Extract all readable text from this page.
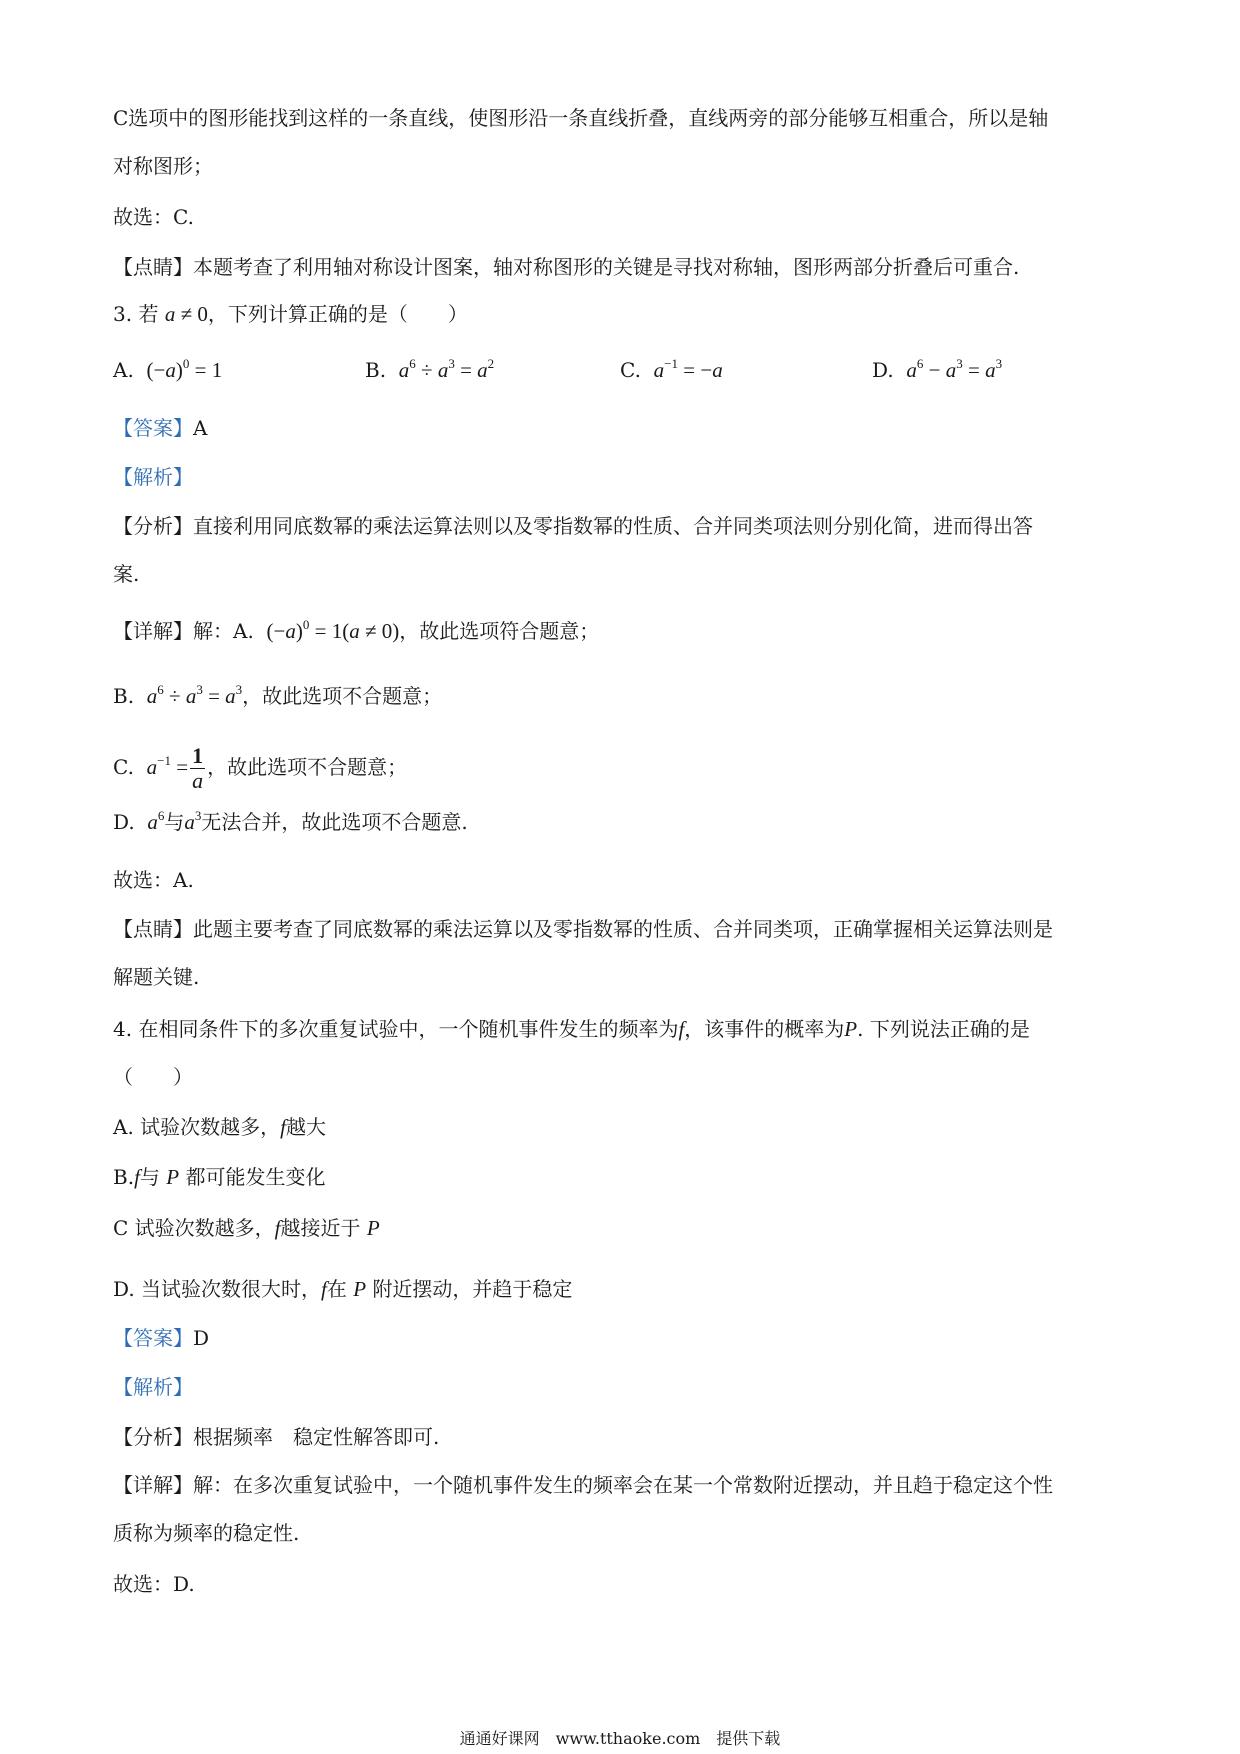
C选项中的图形能找到这样的一条直线，使图形沿一条直线折叠，直线两旁的部分能够互相重合，所以是轴
对称图形；
故选：C.
【点睛】本题考查了利用轴对称设计图案，轴对称图形的关键是寻找对称轴，图形两部分折叠后可重合.
3. 若 a ≠ 0，下列计算正确的是（　　）
A. $(-a)^0 = 1$	B. $a^6 \div a^3 = a^2$	C. $a^{-1} = -a$	D. $a^6 - a^3 = a^3$
【答案】A
【解析】
【分析】直接利用同底数幂的乘法运算法则以及零指数幂的性质、合并同类项法则分别化简，进而得出答
案.
【详解】解：A. $(-a)^0 = 1(a \ne 0)$，故此选项符合题意；
B. $a^6 \div a^3 = a^3$，故此选项不合题意；
C. $a^{-1} = \frac{1}{a}$ ，故此选项不合题意；
D. $a^6$与$a^3$无法合并，故此选项不合题意.
故选：A.
【点睛】此题主要考查了同底数幂的乘法运算以及零指数幂的性质、合并同类项，正确掌握相关运算法则是
解题关键.
4. 在相同条件下的多次重复试验中，一个随机事件发生的频率为f，该事件的概率为P. 下列说法正确的是
（　　）
A. 试验次数越多，f越大
B.f与 P 都可能发生变化
C 试验次数越多，f越接近于 P
D. 当试验次数很大时，f在 P 附近摆动，并趋于稳定
【答案】D
【解析】
【分析】根据频率　稳定性解答即可.
【详解】解：在多次重复试验中，一个随机事件发生的频率会在某一个常数附近摆动，并且趋于稳定这个性
质称为频率的稳定性.
故选：D.
通通好课网　www.tthaoke.com　提供下载
